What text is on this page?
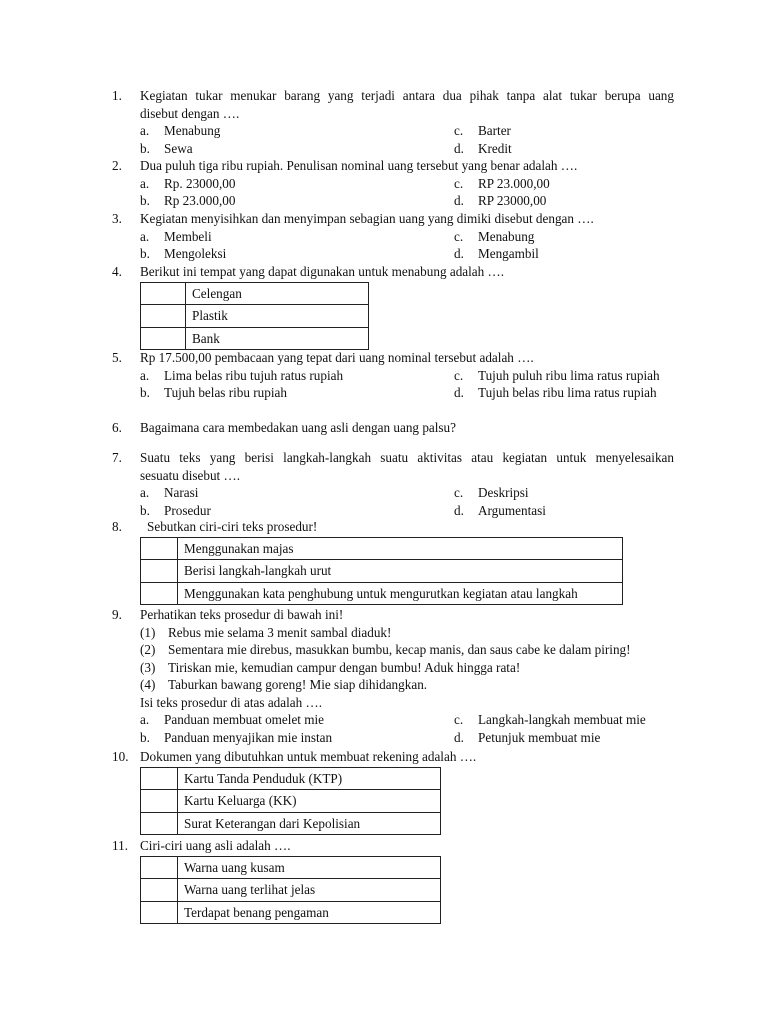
1. Kegiatan tukar menukar barang yang terjadi antara dua pihak tanpa alat tukar berupa uang
disebut dengan ….
a. Menabung	c. Barter
b. Sewa	d. Kredit
2. Dua puluh tiga ribu rupiah. Penulisan nominal uang tersebut yang benar adalah ….
a. Rp. 23000,00	c. RP 23.000,00
b. Rp 23.000,00	d. RP 23000,00
3. Kegiatan menyisihkan dan menyimpan sebagian uang yang dimiki disebut dengan ….
a. Membeli	c. Menabung
b. Mengoleksi	d. Mengambil
4. Berikut ini tempat yang dapat digunakan untuk menabung adalah ….
	Celengan
	Plastik
	Bank
5. Rp 17.500,00 pembacaan yang tepat dari uang nominal tersebut adalah ….
a. Lima belas ribu tujuh ratus rupiah	c. Tujuh puluh ribu lima ratus rupiah
b. Tujuh belas ribu rupiah	d. Tujuh belas ribu lima ratus rupiah
6. Bagaimana cara membedakan uang asli dengan uang palsu?
7. Suatu teks yang berisi langkah-langkah suatu aktivitas atau kegiatan untuk menyelesaikan
sesuatu disebut ….
a. Narasi	c. Deskripsi
b. Prosedur	d. Argumentasi
8.	Sebutkan ciri-ciri teks prosedur!
	Menggunakan majas
	Berisi langkah-langkah urut
	Menggunakan kata penghubung untuk mengurutkan kegiatan atau langkah
9. Perhatikan teks prosedur di bawah ini!
(1) Rebus mie selama 3 menit sambal diaduk!
(2) Sementara mie direbus, masukkan bumbu, kecap manis, dan saus cabe ke dalam piring!
(3) Tiriskan mie, kemudian campur dengan bumbu! Aduk hingga rata!
(4) Taburkan bawang goreng! Mie siap dihidangkan.
Isi teks prosedur di atas adalah ….
a. Panduan membuat omelet mie	c. Langkah-langkah membuat mie
b. Panduan menyajikan mie instan	d. Petunjuk membuat mie
10. Dokumen yang dibutuhkan untuk membuat rekening adalah ….
	Kartu Tanda Penduduk (KTP)
	Kartu Keluarga (KK)
	Surat Keterangan dari Kepolisian
11. Ciri-ciri uang asli adalah ….
	Warna uang kusam
	Warna uang terlihat jelas
	Terdapat benang pengaman
